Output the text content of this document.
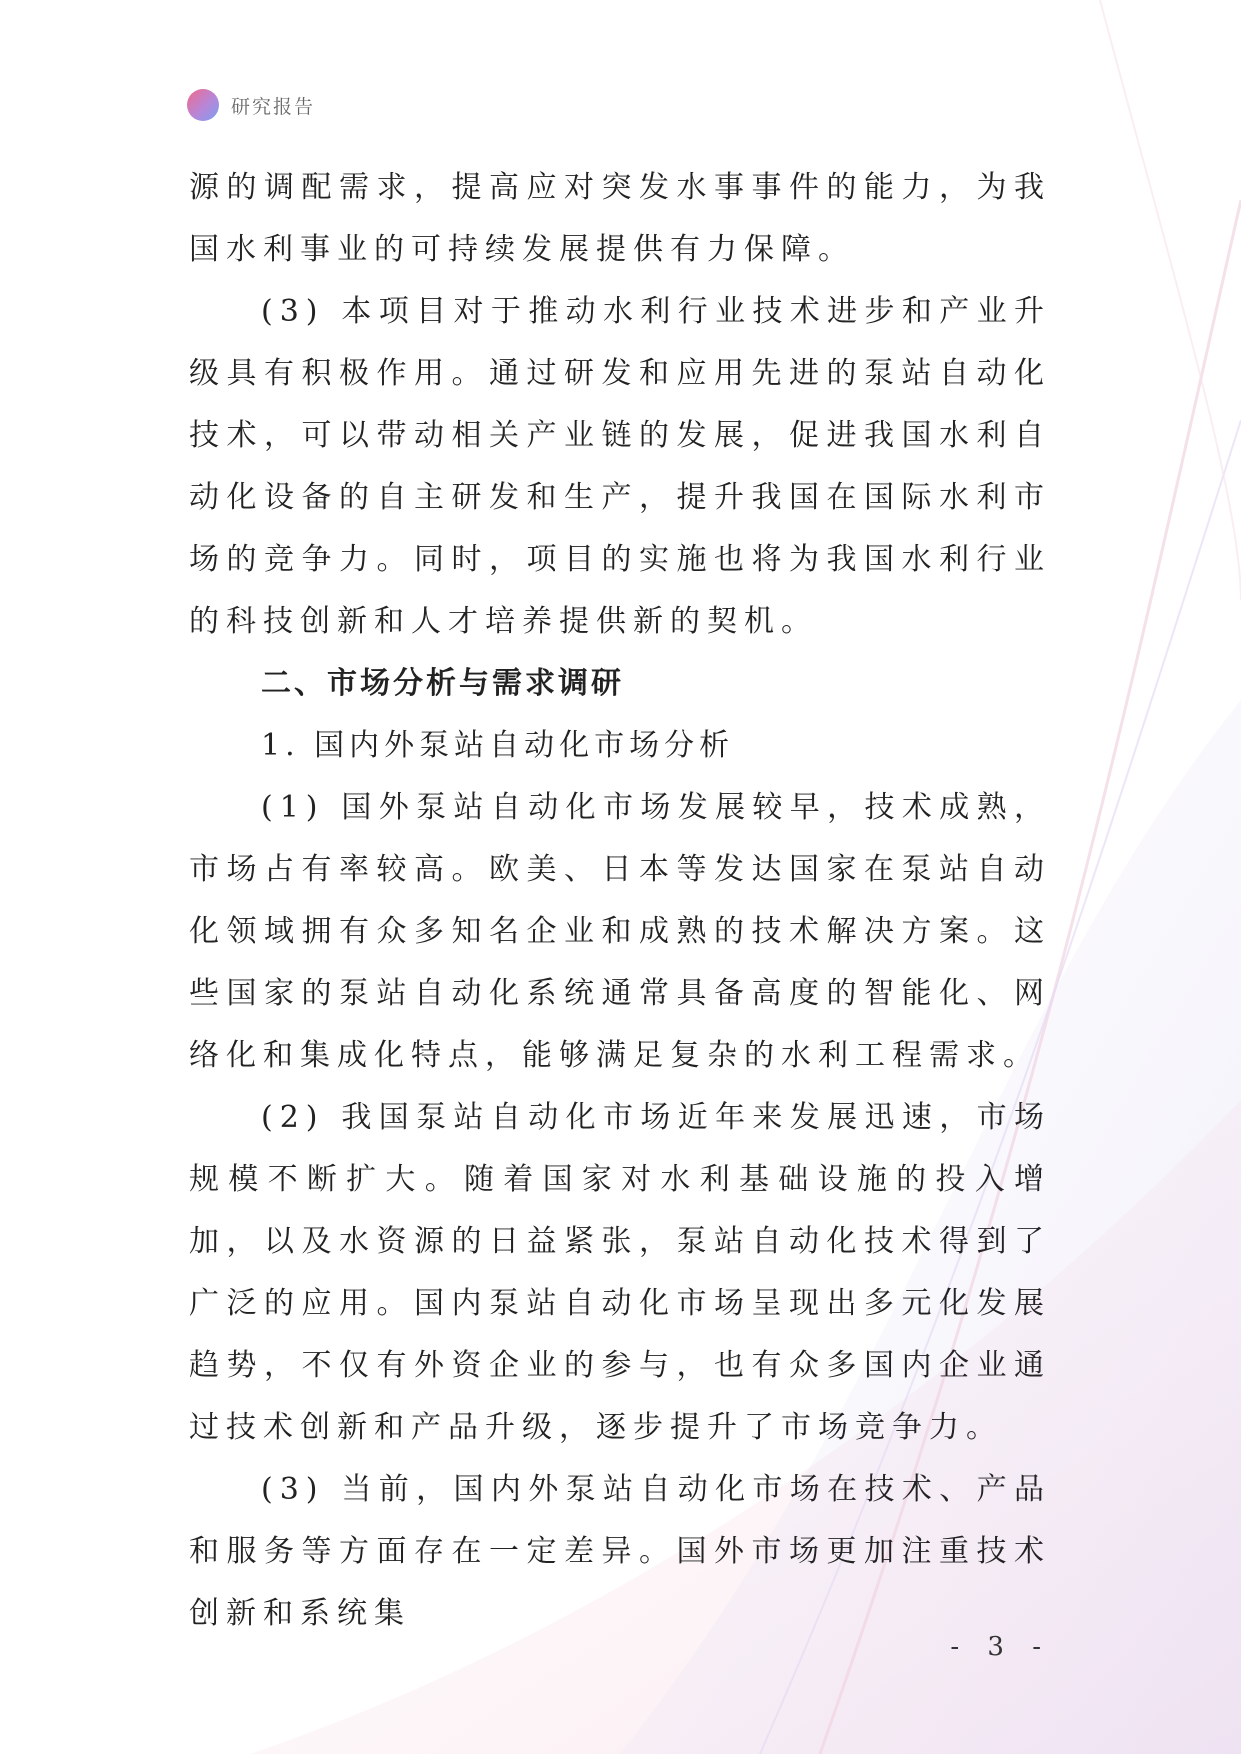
研究报告

源的调配需求，提高应对突发水事事件的能力，为我国水利事业的可持续发展提供有力保障。

(3) 本项目对于推动水利行业技术进步和产业升级具有积极作用。通过研发和应用先进的泵站自动化技术，可以带动相关产业链的发展，促进我国水利自动化设备的自主研发和生产，提升我国在国际水利市场的竞争力。同时，项目的实施也将为我国水利行业的科技创新和人才培养提供新的契机。

二、市场分析与需求调研

1. 国内外泵站自动化市场分析

(1) 国外泵站自动化市场发展较早，技术成熟，市场占有率较高。欧美、日本等发达国家在泵站自动化领域拥有众多知名企业和成熟的技术解决方案。这些国家的泵站自动化系统通常具备高度的智能化、网络化和集成化特点，能够满足复杂的水利工程需求。

(2) 我国泵站自动化市场近年来发展迅速，市场规模不断扩大。随着国家对水利基础设施的投入增加，以及水资源的日益紧张，泵站自动化技术得到了广泛的应用。国内泵站自动化市场呈现出多元化发展趋势，不仅有外资企业的参与，也有众多国内企业通过技术创新和产品升级，逐步提升了市场竞争力。

(3) 当前，国内外泵站自动化市场在技术、产品和服务等方面存在一定差异。国外市场更加注重技术创新和系统集

- 3 -
